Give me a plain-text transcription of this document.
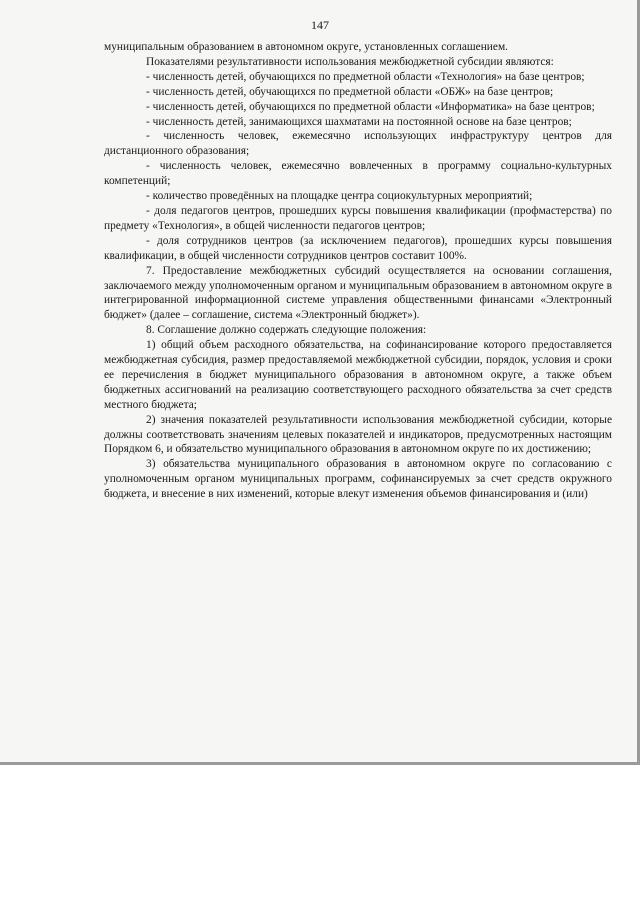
147

муниципальным образованием в автономном округе, установленных соглашением.

Показателями результативности использования межбюджетной субсидии являются:

- численность детей, обучающихся по предметной области «Технология» на базе центров;

- численность детей, обучающихся по предметной области «ОБЖ» на базе центров;

- численность детей, обучающихся по предметной области «Информатика» на базе центров;

- численность детей, занимающихся шахматами на постоянной основе на базе центров;

- численность человек, ежемесячно использующих инфраструктуру центров для дистанционного образования;

- численность человек, ежемесячно вовлеченных в программу социально-культурных компетенций;

- количество проведённых на площадке центра социокультурных мероприятий;

- доля педагогов центров, прошедших курсы повышения квалификации (профмастерства) по предмету «Технология», в общей численности педагогов центров;

- доля сотрудников центров (за исключением педагогов), прошедших курсы повышения квалификации, в общей численности сотрудников центров составит 100%.

7. Предоставление межбюджетных субсидий осуществляется на основании соглашения, заключаемого между уполномоченным органом и муниципальным образованием в автономном округе в интегрированной информационной системе управления общественными финансами «Электронный бюджет» (далее – соглашение, система «Электронный бюджет»).

8. Соглашение должно содержать следующие положения:

1) общий объем расходного обязательства, на софинансирование которого предоставляется межбюджетная субсидия, размер предоставляемой межбюджетной субсидии, порядок, условия и сроки ее перечисления в бюджет муниципального образования в автономном округе, а также объем бюджетных ассигнований на реализацию соответствующего расходного обязательства за счет средств местного бюджета;

2) значения показателей результативности использования межбюджетной субсидии, которые должны соответствовать значениям целевых показателей и индикаторов, предусмотренных настоящим Порядком 6, и обязательство муниципального образования в автономном округе по их достижению;

3) обязательства муниципального образования в автономном округе по согласованию с уполномоченным органом муниципальных программ, софинансируемых за счет средств окружного бюджета, и внесение в них изменений, которые влекут изменения объемов финансирования и (или)
